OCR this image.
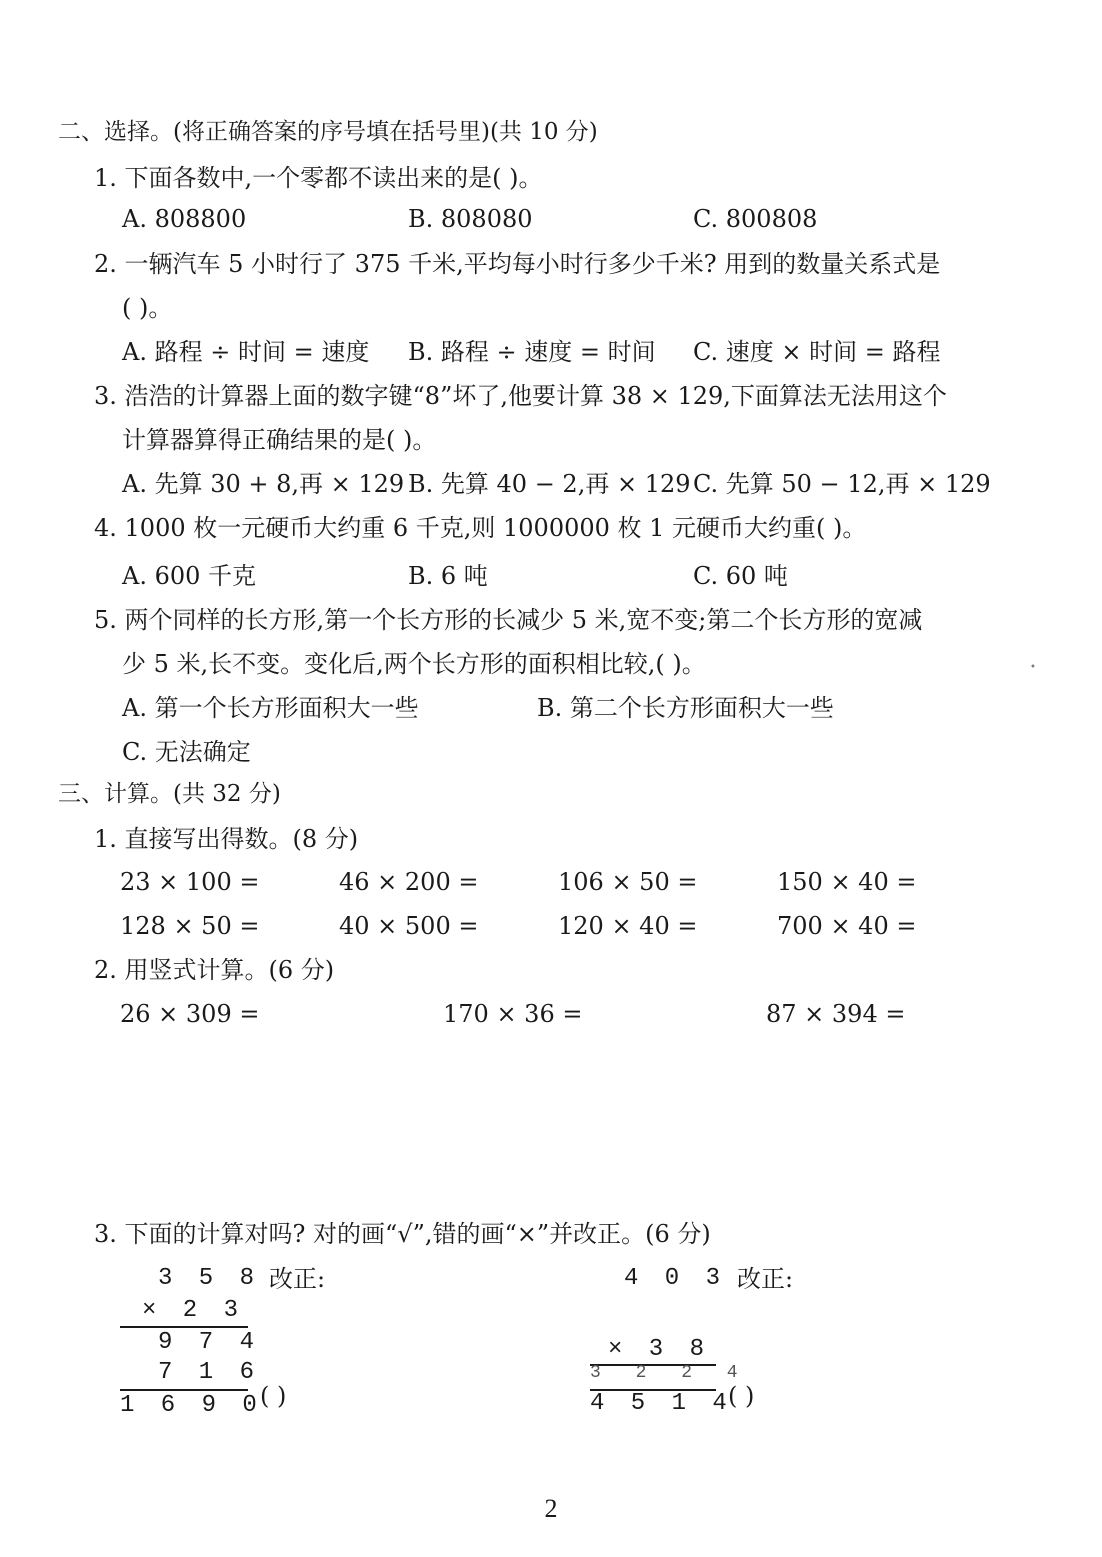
二、选择。(将正确答案的序号填在括号里)(共 10 分)
1. 下面各数中,一个零都不读出来的是( )。
A. 808800	B. 808080	C. 800808
2. 一辆汽车 5 小时行了 375 千米,平均每小时行多少千米? 用到的数量关系式是
( )。
A. 路程 ÷ 时间 = 速度 B. 路程 ÷ 速度 = 时间 C. 速度 × 时间 = 路程
3. 浩浩的计算器上面的数字键“8”坏了,他要计算 38 × 129,下面算法无法用这个
计算器算得正确结果的是( )。
A. 先算 30 + 8,再 × 129 B. 先算 40 − 2,再 × 129 C. 先算 50 − 12,再 × 129
4. 1000 枚一元硬币大约重 6 千克,则 1000000 枚 1 元硬币大约重( )。
A. 600 千克	B. 6 吨	C. 60 吨
5. 两个同样的长方形,第一个长方形的长减少 5 米,宽不变;第二个长方形的宽减
少 5 米,长不变。变化后,两个长方形的面积相比较,( )。
A. 第一个长方形面积大一些	B. 第二个长方形面积大一些
C. 无法确定
•
三、计算。(共 32 分)
1. 直接写出得数。(8 分)
23 × 100 =	46 × 200 =	106 × 50 =	150 × 40 =
128 × 50 =	40 × 500 =	120 × 40 =	700 × 40 =
2. 用竖式计算。(6 分)
26 × 309 =	170 × 36 =	87 × 394 =
3. 下面的计算对吗? 对的画“√”,错的画“×”并改正。(6 分)
3 5 8 改正:
× 2 3
9 7 4
7 1 6
1 6 9 0
( )
4 0 3 改正:
× 3 8
3 2 2 4
4 5 1 4
( )
2
